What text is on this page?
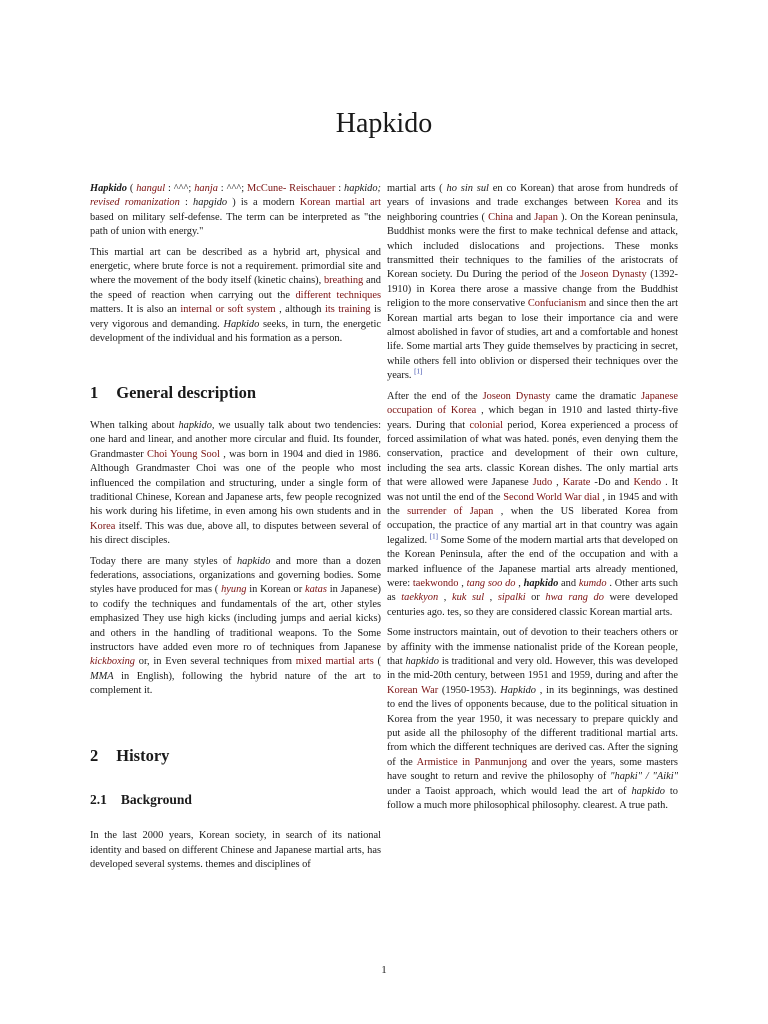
Hapkido

Hapkido ( hangul : ^^^; hanja : ^^^; McCune- Reischauer : hapkido; revised romanization : hapgido ) is a modern Korean martial art based on military self-defense. The term can be interpreted as "the path of union with energy."

This martial art can be described as a hybrid art, physical and energetic, where brute force is not a requirement. primordial site and where the movement of the body itself (kinetic chains), breathing and the speed of reaction when carrying out the different techniques matters. It is also an internal or soft system , although its training is very vigorous and demanding. Hapkido seeks, in turn, the energetic development of the individual and his formation as a person.

1 General description

When talking about hapkido, we usually talk about two tendencies: one hard and linear, and another more circular and fluid. Its founder, Grandmaster Choi Young Sool , was born in 1904 and died in 1986. Although Grandmaster Choi was one of the people who most influenced the compilation and structuring, under a single form of traditional Chinese, Korean and Japanese arts, few people recognized his work during his lifetime, in even among his own students and in Korea itself. This was due, above all, to disputes between several of his direct disciples.

Today there are many styles of hapkido and more than a dozen federations, associations, organizations and governing bodies. Some styles have produced for mas ( hyung in Korean or katas in Japanese) to codify the techniques and fundamentals of the art, other styles emphasized They use high kicks (including jumps and aerial kicks) and others in the handling of traditional weapons. To the Some instructors have added even more ro of techniques from Japanese kickboxing or, in Even several techniques from mixed martial arts ( MMA in English), following the hybrid nature of the art to complement it.

2 History
2.1 Background

In the last 2000 years, Korean society, in search of its national identity and based on different Chinese and Japanese martial arts, has developed several systems. themes and disciplines of

martial arts ( ho sin sul en co Korean) that arose from hundreds of years of invasions and trade exchanges between Korea and its neighboring countries ( China and Japan ). On the Korean peninsula, Buddhist monks were the first to make technical defense and attack, which included dislocations and projections. These monks transmitted their techniques to the families of the aristocrats of Korean society. Du During the period of the Joseon Dynasty (1392-1910) in Korea there arose a massive change from the Buddhist religion to the more conservative Confucianism and since then the art Korean martial arts began to lose their importance cia and were almost abolished in favor of studies, art and a comfortable and honest life. Some martial arts They guide themselves by practicing in secret, while others fell into oblivion or dispersed their techniques over the years. [1]

After the end of the Joseon Dynasty came the dramatic Japanese occupation of Korea , which began in 1910 and lasted thirty-five years. During that colonial period, Korea experienced a process of forced assimilation of what was hated. ponés, even denying them the conservation, practice and development of their own culture, including the sea arts. classic Korean dishes. The only martial arts that were allowed were Japanese Judo , Karate -Do and Kendo . It was not until the end of the Second World War dial , in 1945 and with the surrender of Japan , when the US liberated Korea from occupation, the practice of any martial art in that country was again legalized. [1] Some Some of the modern martial arts that developed on the Korean Peninsula, after the end of the occupation and with a marked influence of the Japanese martial arts already mentioned, were: taekwondo , tang soo do , hapkido and kumdo . Other arts such as taekkyon , kuk sul , sipalki or hwa rang do were developed centuries ago. tes, so they are considered classic Korean martial arts.

Some instructors maintain, out of devotion to their teachers others or by affinity with the immense nationalist pride of the Korean people, that hapkido is traditional and very old. However, this was developed in the mid-20th century, between 1951 and 1959, during and after the Korean War (1950-1953). Hapkido , in its beginnings, was destined to end the lives of opponents because, due to the political situation in Korea from the year 1950, it was necessary to prepare quickly and put aside all the philosophy of the different traditional martial arts. from which the different techniques are derived cas. After the signing of the Armistice in Panmunjong and over the years, some masters have sought to return and revive the philosophy of "hapki" / "Aiki" under a Taoist approach, which would lead the art of hapkido to follow a much more philosophical philosophy. clearest. A true path.

1
